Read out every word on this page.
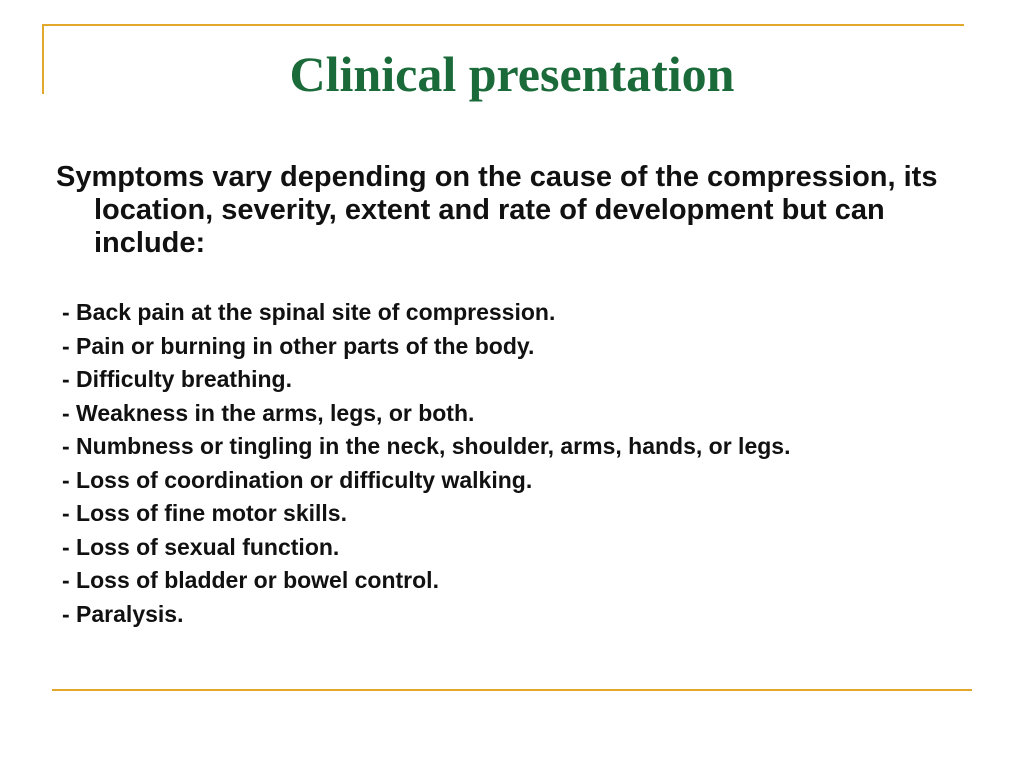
Clinical presentation

Symptoms vary depending on the cause of the compression, its location, severity, extent and rate of development but can include:

- Back pain at the spinal site of compression.
- Pain or burning in other parts of the body.
- Difficulty breathing.
- Weakness in the arms, legs, or both.
- Numbness or tingling in the neck, shoulder, arms, hands, or legs.
- Loss of coordination or difficulty walking.
- Loss of fine motor skills.
- Loss of sexual function.
- Loss of bladder or bowel control.
- Paralysis.
